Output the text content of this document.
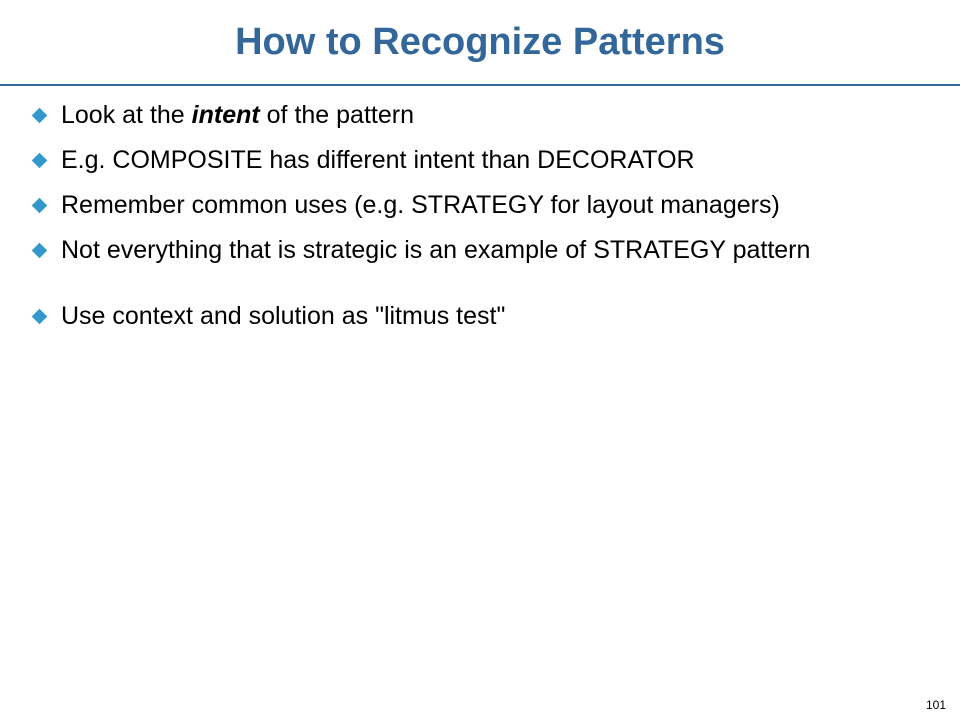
How to Recognize Patterns
Look at the intent of the pattern
E.g. COMPOSITE has different intent than DECORATOR
Remember common uses (e.g. STRATEGY for layout managers)
Not everything that is strategic is an example of STRATEGY pattern
Use context and solution as "litmus test"
101
